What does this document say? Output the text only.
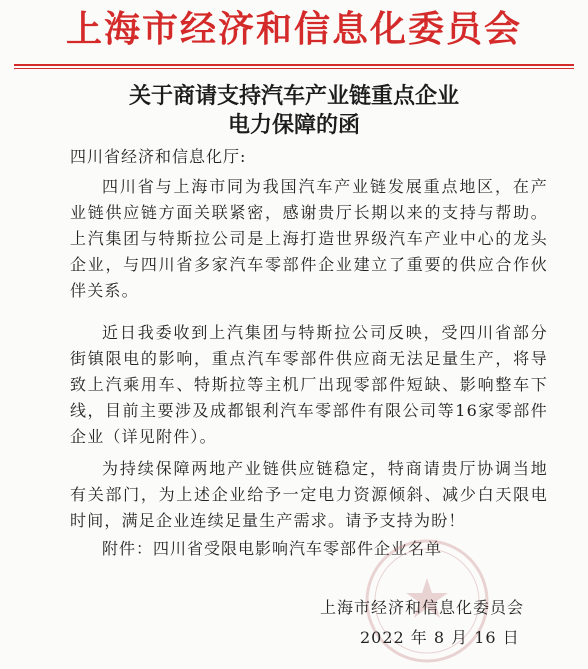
上海市经济和信息化委员会
关于商请支持汽车产业链重点企业
电力保障的函
四川省经济和信息化厅:
四川省与上海市同为我国汽车产业链发展重点地区，在产业链供应链方面关联紧密，感谢贵厅长期以来的支持与帮助。上汽集团与特斯拉公司是上海打造世界级汽车产业中心的龙头企业，与四川省多家汽车零部件企业建立了重要的供应合作伙伴关系。
近日我委收到上汽集团与特斯拉公司反映，受四川省部分街镇限电的影响，重点汽车零部件供应商无法足量生产，将导致上汽乘用车、特斯拉等主机厂出现零部件短缺、影响整车下线，目前主要涉及成都银利汽车零部件有限公司等16家零部件企业（详见附件）。
为持续保障两地产业链供应链稳定，特商请贵厅协调当地有关部门，为上述企业给予一定电力资源倾斜、减少白天限电时间，满足企业连续足量生产需求。请予支持为盼！
附件：四川省受限电影响汽车零部件企业名单
上海市经济和信息化委员会
2022 年 8 月 16 日
